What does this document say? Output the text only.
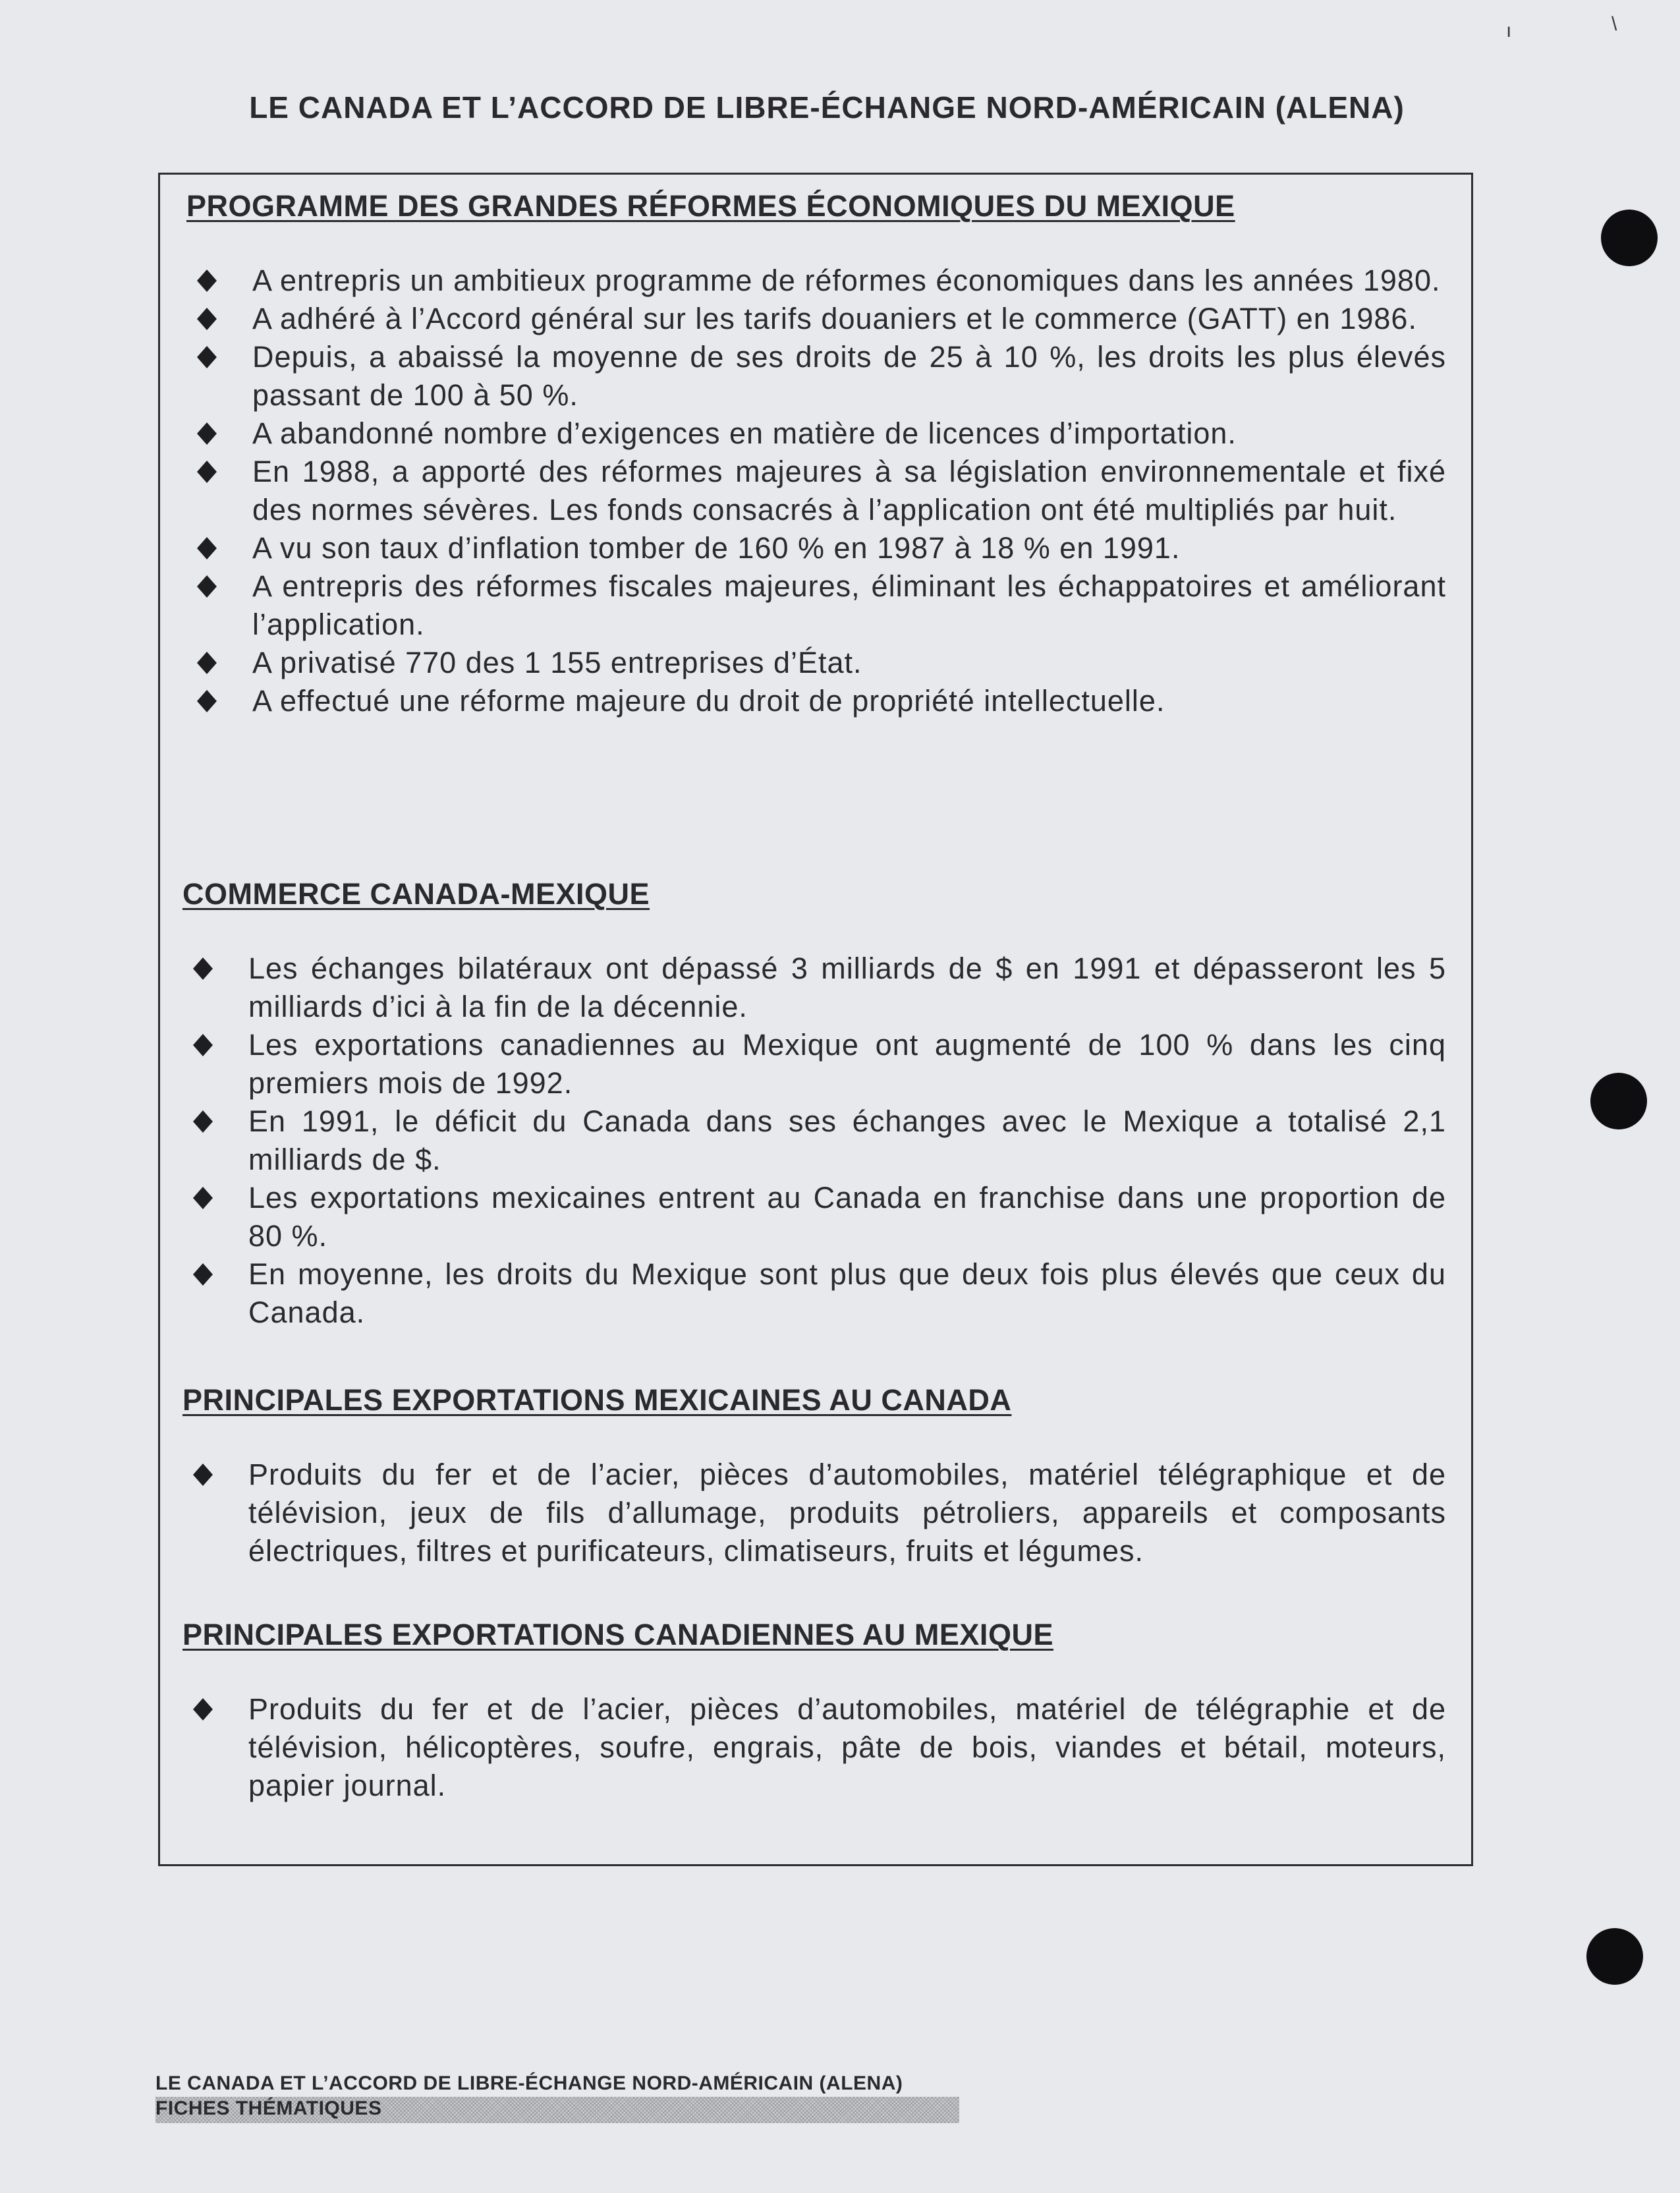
ı	\
LE CANADA ET L’ACCORD DE LIBRE-ÉCHANGE NORD-AMÉRICAIN (ALENA)
PROGRAMME DES GRANDES RÉFORMES ÉCONOMIQUES DU MEXIQUE
A entrepris un ambitieux programme de réformes économiques dans les années 1980.
A adhéré à l’Accord général sur les tarifs douaniers et le commerce (GATT) en 1986.
Depuis, a abaissé la moyenne de ses droits de 25 à 10 %, les droits les plus élevés passant de 100 à 50 %.
A abandonné nombre d’exigences en matière de licences d’importation.
En 1988, a apporté des réformes majeures à sa législation environnementale et fixé des normes sévères. Les fonds consacrés à l’application ont été multipliés par huit.
A vu son taux d’inflation tomber de 160 % en 1987 à 18 % en 1991.
A entrepris des réformes fiscales majeures, éliminant les échappatoires et améliorant l’application.
A privatisé 770 des 1 155 entreprises d’État.
A effectué une réforme majeure du droit de propriété intellectuelle.
COMMERCE CANADA-MEXIQUE
Les échanges bilatéraux ont dépassé 3 milliards de $ en 1991 et dépasseront les 5 milliards d’ici à la fin de la décennie.
Les exportations canadiennes au Mexique ont augmenté de 100 % dans les cinq premiers mois de 1992.
En 1991, le déficit du Canada dans ses échanges avec le Mexique a totalisé 2,1 milliards de $.
Les exportations mexicaines entrent au Canada en franchise dans une proportion de 80 %.
En moyenne, les droits du Mexique sont plus que deux fois plus élevés que ceux du Canada.
PRINCIPALES EXPORTATIONS MEXICAINES AU CANADA
Produits du fer et de l’acier, pièces d’automobiles, matériel télégraphique et de télévision, jeux de fils d’allumage, produits pétroliers, appareils et composants électriques, filtres et purificateurs, climatiseurs, fruits et légumes.
PRINCIPALES EXPORTATIONS CANADIENNES AU MEXIQUE
Produits du fer et de l’acier, pièces d’automobiles, matériel de télégraphie et de télévision, hélicoptères, soufre, engrais, pâte de bois, viandes et bétail, moteurs, papier journal.
LE CANADA ET L’ACCORD DE LIBRE-ÉCHANGE NORD-AMÉRICAIN (ALENA)
FICHES THÉMATIQUES
